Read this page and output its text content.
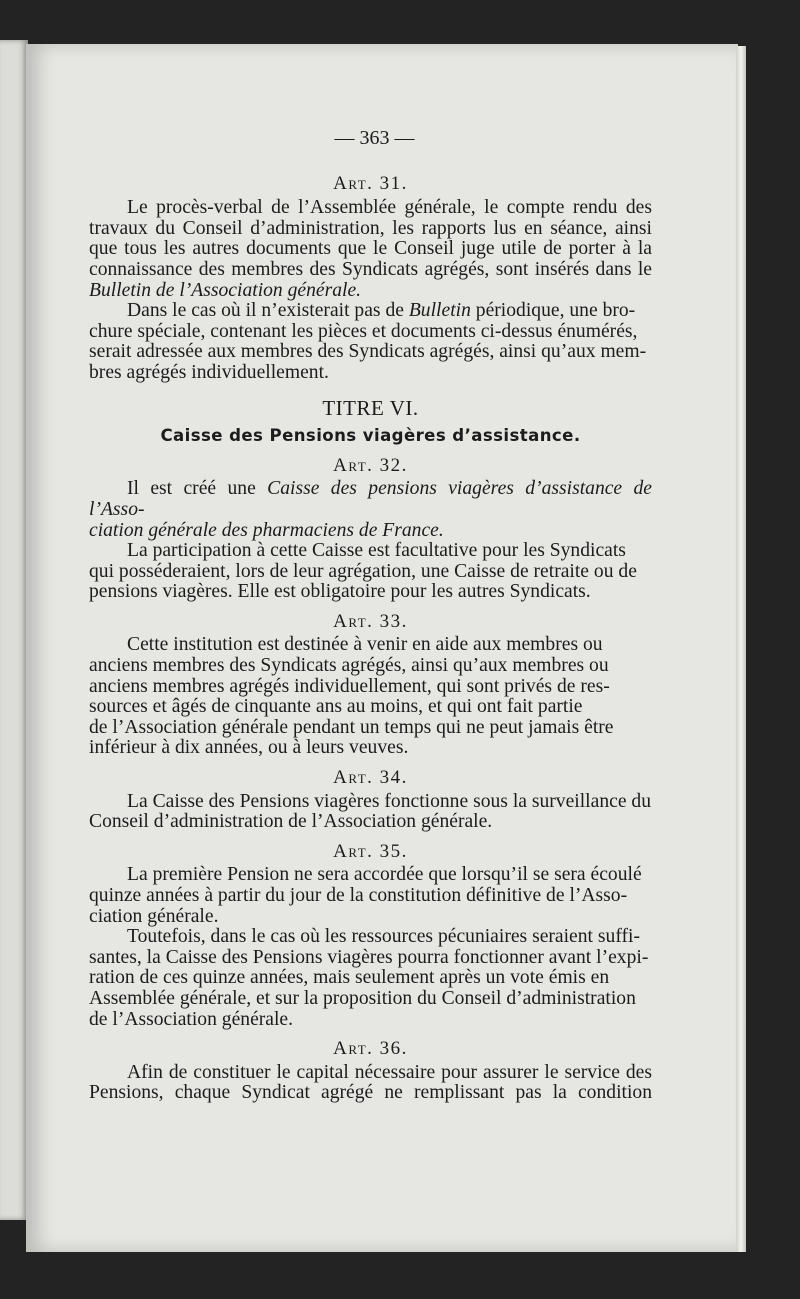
— 363 —
Art. 31.

Le procès-verbal de l’Assemblée générale, le compte rendu des
travaux du Conseil d’administration, les rapports lus en séance, ainsi
que tous les autres documents que le Conseil juge utile de porter à la
connaissance des membres des Syndicats agrégés, sont insérés dans le

Bulletin de l’Association générale.

Dans le cas où il n’existerait pas de Bulletin périodique, une bro-
chure spéciale, contenant les pièces et documents ci-dessus énumérés,
serait adressée aux membres des Syndicats agrégés, ainsi qu’aux mem-
bres agrégés individuellement.

TITRE VI.
Caisse des Pensions viagères d’assistance.
Art. 32.

Il est créé une Caisse des pensions viagères d’assistance de l’Asso-
ciation générale des pharmaciens de France.

La participation à cette Caisse est facultative pour les Syndicats
qui posséderaient, lors de leur agrégation, une Caisse de retraite ou de
pensions viagères. Elle est obligatoire pour les autres Syndicats.

Art. 33.

Cette institution est destinée à venir en aide aux membres ou
anciens membres des Syndicats agrégés, ainsi qu’aux membres ou
anciens membres agrégés individuellement, qui sont privés de res-
sources et âgés de cinquante ans au moins, et qui ont fait partie
de l’Association générale pendant un temps qui ne peut jamais être
inférieur à dix années, ou à leurs veuves.

Art. 34.

La Caisse des Pensions viagères fonctionne sous la surveillance du
Conseil d’administration de l’Association générale.

Art. 35.

La première Pension ne sera accordée que lorsqu’il se sera écoulé
quinze années à partir du jour de la constitution définitive de l’Asso-
ciation générale.

Toutefois, dans le cas où les ressources pécuniaires seraient suffi-
santes, la Caisse des Pensions viagères pourra fonctionner avant l’expi-
ration de ces quinze années, mais seulement après un vote émis en
Assemblée générale, et sur la proposition du Conseil d’administration
de l’Association générale.

Art. 36.

Afin de constituer le capital nécessaire pour assurer le service des
Pensions, chaque Syndicat agrégé ne remplissant pas la condition
